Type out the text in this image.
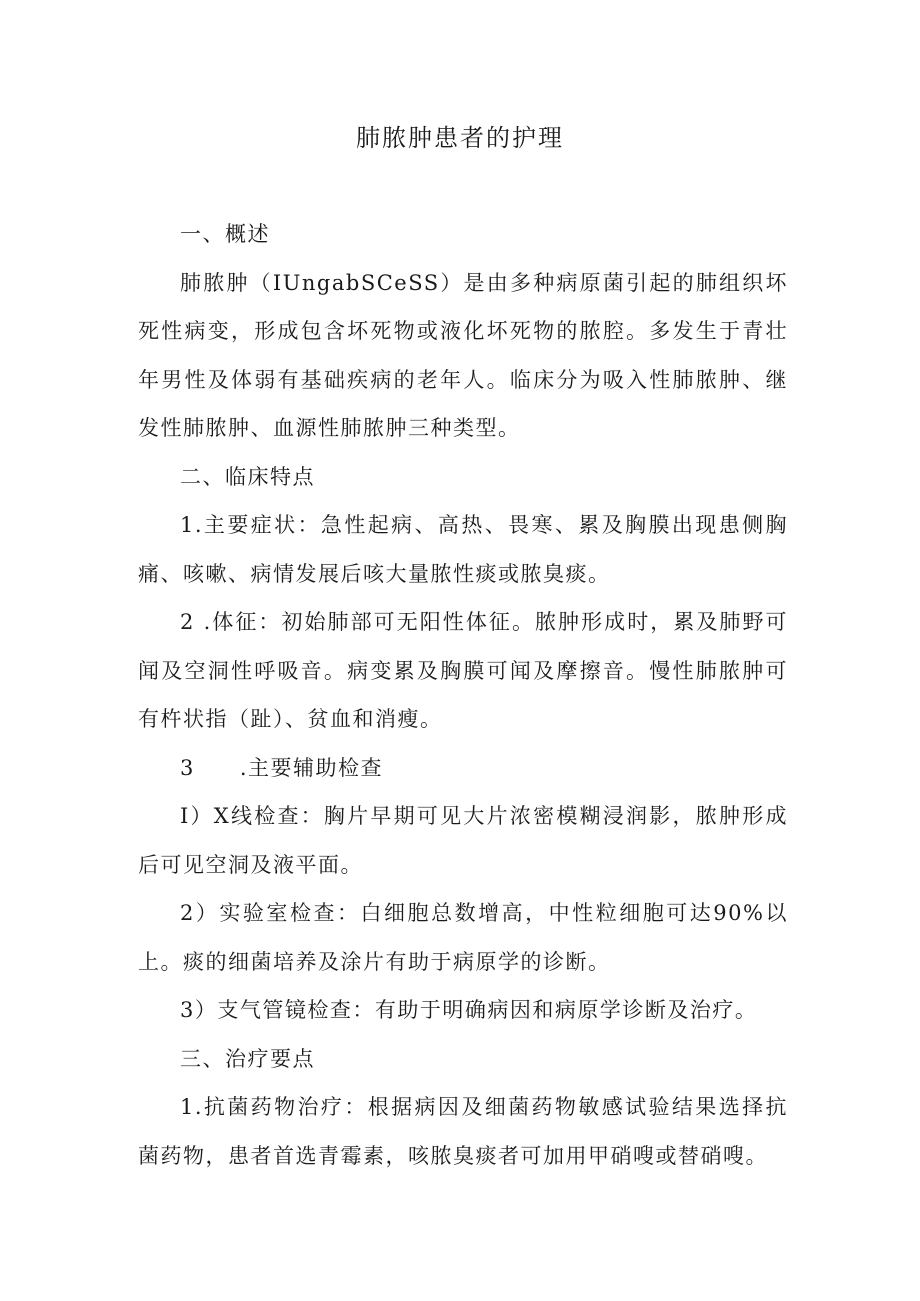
肺脓肿患者的护理

一、概述

肺脓肿（IUngabSCeSS）是由多种病原菌引起的肺组织坏死性病变，形成包含坏死物或液化坏死物的脓腔。多发生于青壮年男性及体弱有基础疾病的老年人。临床分为吸入性肺脓肿、继发性肺脓肿、血源性肺脓肿三种类型。

二、临床特点

1.主要症状：急性起病、高热、畏寒、累及胸膜出现患侧胸痛、咳嗽、病情发展后咳大量脓性痰或脓臭痰。

2 .体征：初始肺部可无阳性体征。脓肿形成时，累及肺野可闻及空洞性呼吸音。病变累及胸膜可闻及摩擦音。慢性肺脓肿可有杵状指（趾）、贫血和消瘦。

3　　.主要辅助检查

I）X线检查：胸片早期可见大片浓密模糊浸润影，脓肿形成后可见空洞及液平面。

2）实验室检查：白细胞总数增高，中性粒细胞可达90%以上。痰的细菌培养及涂片有助于病原学的诊断。

3）支气管镜检查：有助于明确病因和病原学诊断及治疗。

三、治疗要点

1.抗菌药物治疗：根据病因及细菌药物敏感试验结果选择抗菌药物，患者首选青霉素，咳脓臭痰者可加用甲硝嗖或替硝嗖。
